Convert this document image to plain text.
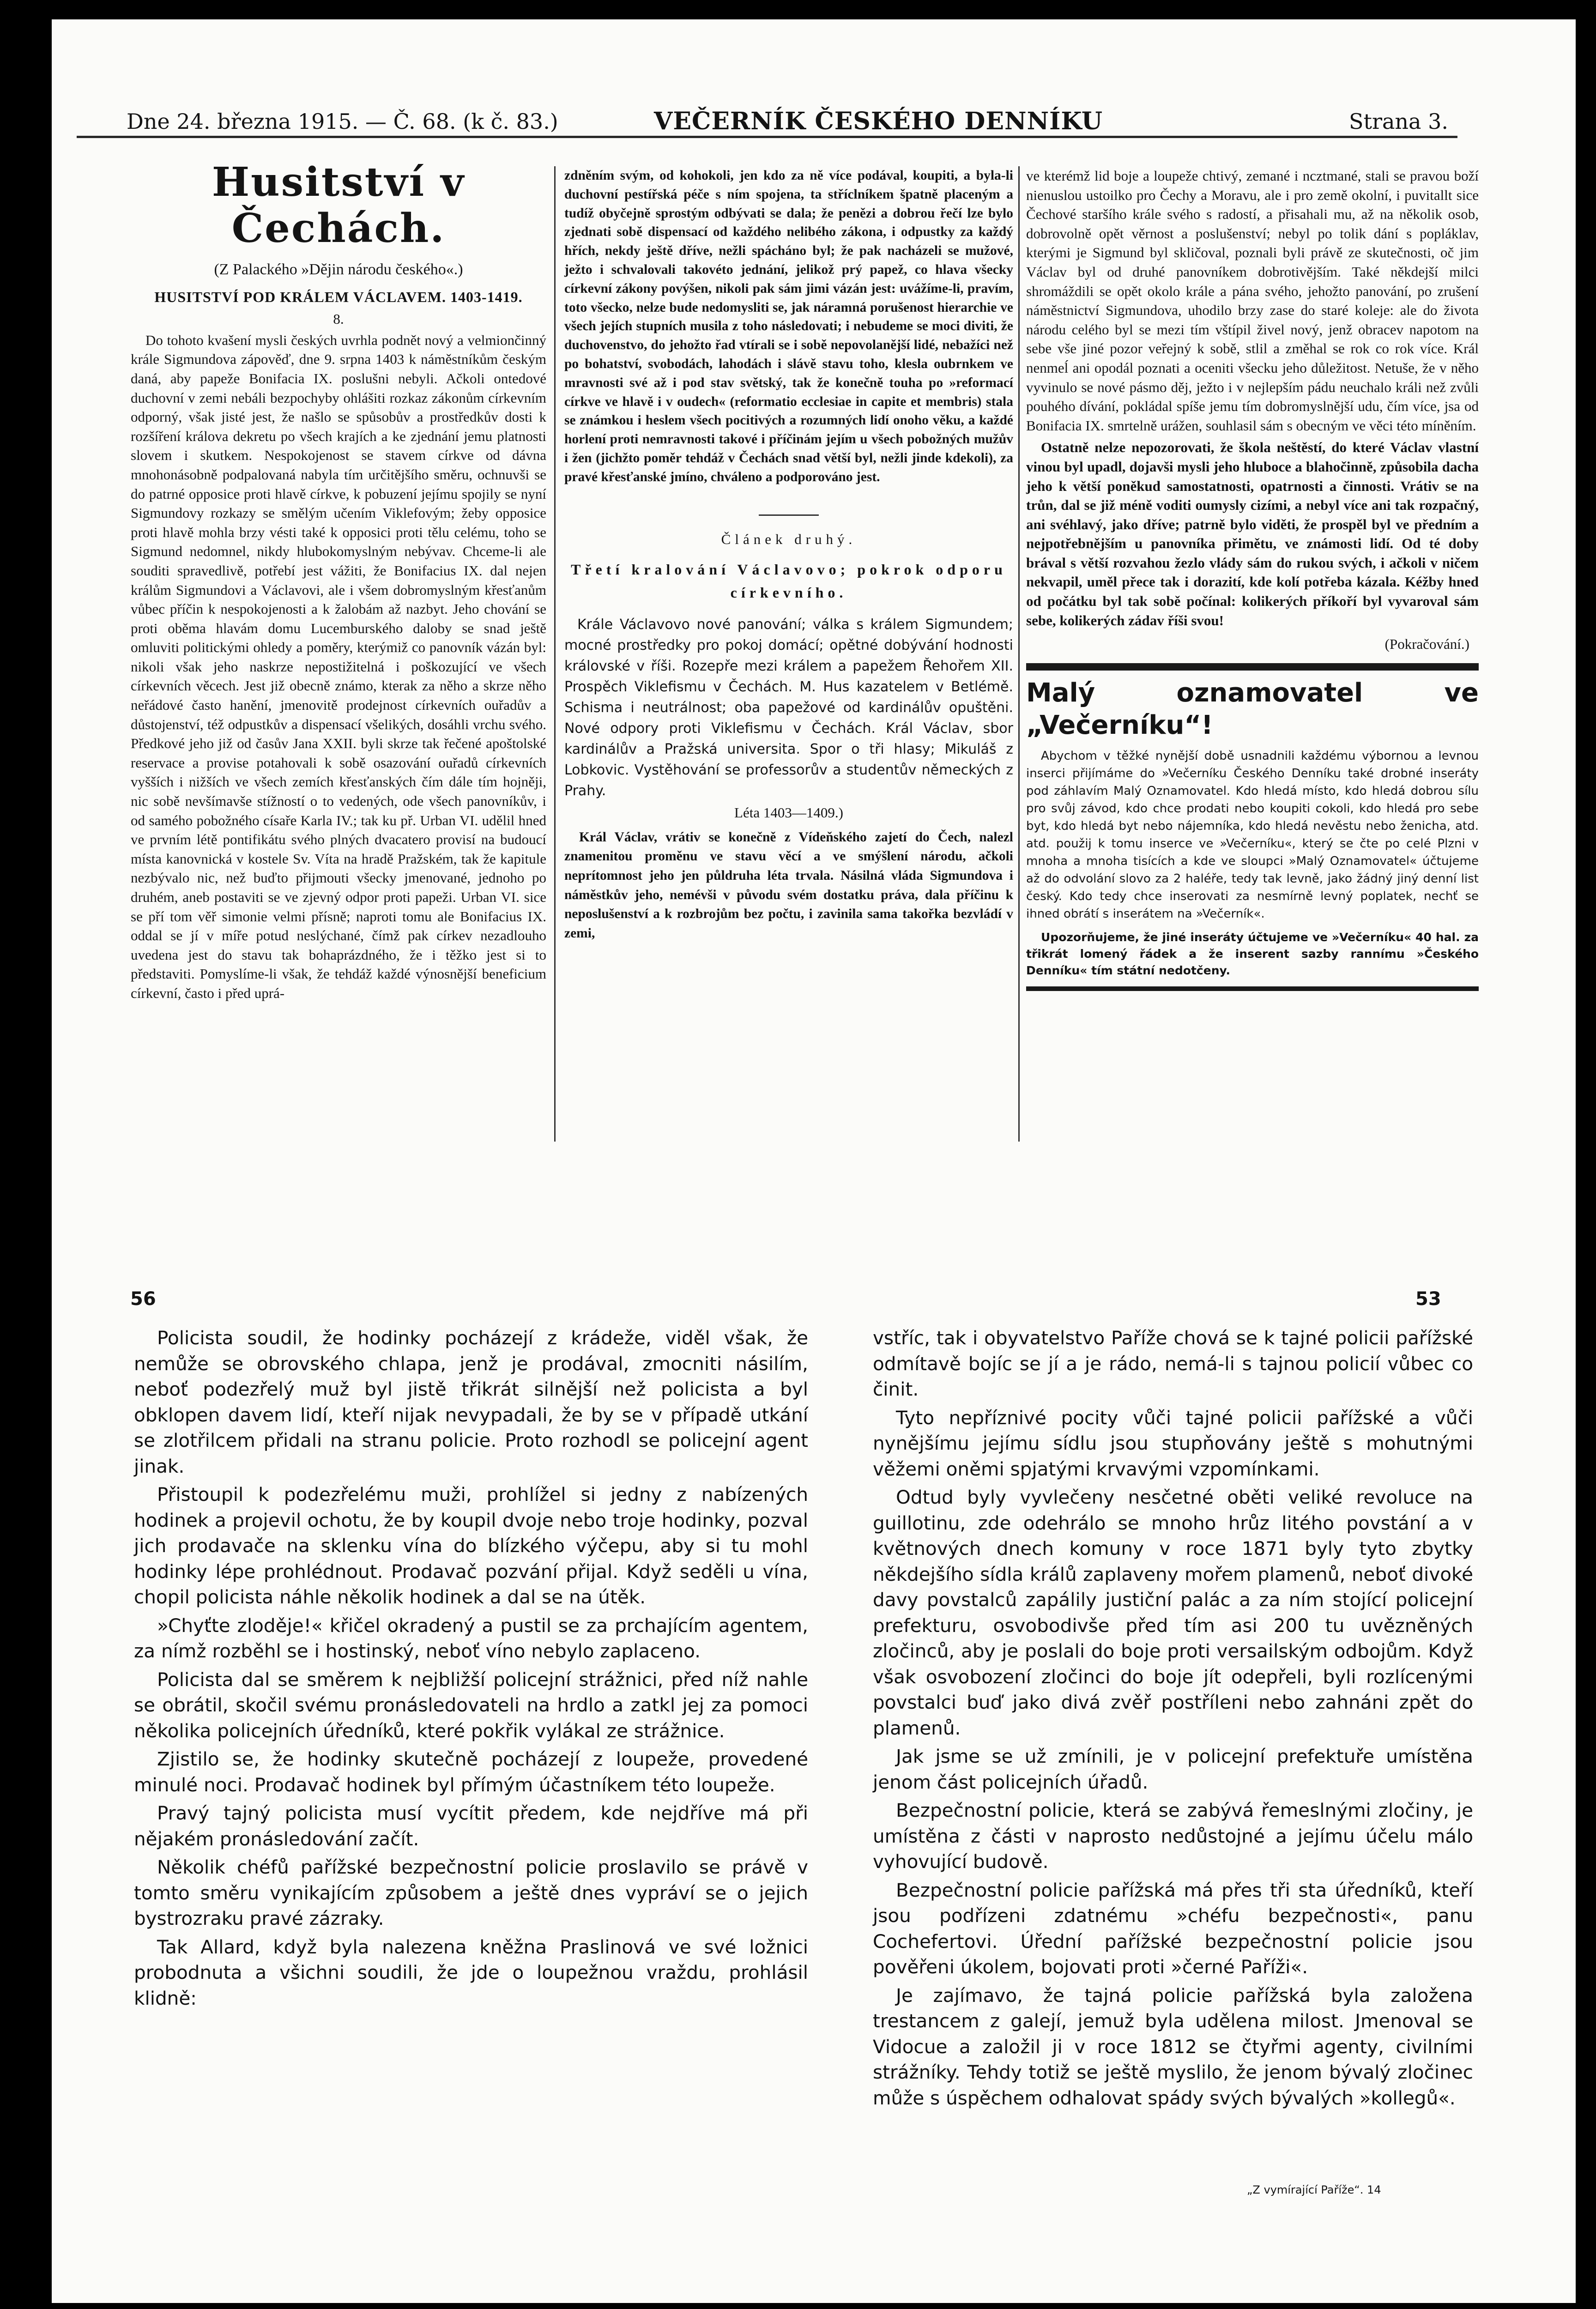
Dne 24. března 1915. — Č. 68. (k č. 83.)	VEČERNÍK ČESKÉHO DENNÍKU	Strana 3.
Husitství v Čechách.
(Z Palackého »Dějin národu českého«.)
HUSITSTVÍ POD KRÁLEM VÁCLAVEM. 1403-1419.
8.

Do tohoto kvašení mysli českých uvrhla podnět nový a velmiončinný krále Sigmundova zápověď, dne 9. srpna 1403 k náměstníkům českým daná, aby papeže Bonifacia IX. poslušni nebyli. Ačkoli ontedové duchovní v zemi nebáli bezpochyby ohlášiti rozkaz zákonům církevním odporný, však jisté jest, že našlo se spůsobův a prostředkův dosti k rozšíření králova dekretu po všech krajích a ke zjednání jemu platnosti slovem i skutkem. Nespokojenost se stavem církve od dávna mnohonásobně podpalovaná nabyla tím určitějšího směru, ochnuvši se do patrné opposice proti hlavě církve, k pobuzení jejímu spojily se nyní Sigmundovy rozkazy se smělým učením Viklefovým; žeby opposice proti hlavě mohla brzy vésti také k opposici proti tělu celému, toho se Sigmund nedomnel, nikdy hlubokomyslným nebývav. Chceme-li ale souditi spravedlivě, potřebí jest vážiti, že Bonifacius IX. dal nejen králům Sigmundovi a Václavovi, ale i všem dobromyslným křesťanům vůbec příčin k nespokojenosti a k žalobám až nazbyt. Jeho chování se proti oběma hlavám domu Lucemburského daloby se snad ještě omluviti politickými ohledy a poměry, kterýmiž co panovník vázán byl: nikoli však jeho naskrze nepostižitelná i poškozující ve všech církevních věcech. Jest již obecně známo, kterak za něho a skrze něho neřádové často hanění, jmenovitě prodejnost církevních ouřadův a důstojenství, též odpustkův a dispensací všelikých, dosáhli vrchu svého. Předkové jeho již od časův Jana XXII. byli skrze tak řečené apoštolské reservace a provise potahovali k sobě osazování ouřadů církevních vyšších i nižších ve všech zemích křesťanských čím dále tím hojněji, nic sobě nevšímavše stížností o to vedených, ode všech panovníkův, i od samého pobožného císaře Karla IV.; tak ku př. Urban VI. udělil hned ve prvním létě pontifikátu svého plných dvacatero provisí na budoucí místa kanovnická v kostele Sv. Víta na hradě Pražském, tak že kapitule nezbývalo nic, než buďto přijmouti všecky jmenované, jednoho po druhém, aneb postaviti se ve zjevný odpor proti papeži. Urban VI. sice se pří tom věř simonie velmi přísně; naproti tomu ale Bonifacius IX. oddal se jí v míře potud neslýchané, čímž pak církev nezadlouho uvedena jest do stavu tak bohaprázdného, že i těžko jest si to představiti. Pomyslíme-li však, že tehdáž každé výnosnější beneficium církevní, často i před uprá-

zdněním svým, od kohokoli, jen kdo za ně více podával, koupiti, a byla-li duchovní pestířská péče s ním spojena, ta stříclníkem špatně placeným a tudíž obyčejně sprostým odbývati se dala; že penězi a dobrou řečí lze bylo zjednati sobě dispensací od každého nelibého zákona, i odpustky za každý hřích, nekdy ještě dříve, nežli spácháno byl; že pak nacházeli se mužové, ježto i schvalovali takovéto jednání, jelikož prý papež, co hlava všecky církevní zákony povýšen, nikoli pak sám jimi vázán jest: uvážíme-li, pravím, toto všecko, nelze bude nedomysliti se, jak náramná porušenost hierarchie ve všech jejích stupních musila z toho následovati; i nebudeme se moci diviti, že duchovenstvo, do jehožto řad vtírali se i sobě nepovolanější lidé, nebažíci než po bohatství, svobodách, lahodách i slávě stavu toho, klesla oubrnkem ve mravnosti své až i pod stav světský, tak že konečně touha po »reformací církve ve hlavě i v oudech« (reformatio ecclesiae in capite et membris) stala se známkou i heslem všech pocitivých a rozumných lidí onoho věku, a každé horlení proti nemravnosti takové i příčinám jejím u všech pobožných mužův i žen (jichžto poměr tehdáž v Čechách snad větší byl, nežli jinde kdekoli), za pravé křesťanské jmíno, chváleno a podporováno jest.

Článek druhý.
Třetí kralování Václavovo; pokrok odporu církevního.

Krále Václavovo nové panování; válka s králem Sigmundem; mocné prostředky pro pokoj domácí; opětné dobývání hodnosti královské v říši. Rozepře mezi králem a papežem Řehořem XII. Prospěch Viklefismu v Čechách. M. Hus kazatelem v Betlémě. Schisma i neutrálnost; oba papežové od kardinálův opuštěni. Nové odpory proti Viklefismu v Čechách. Král Václav, sbor kardinálův a Pražská universita. Spor o tři hlasy; Mikuláš z Lobkovic. Vystěhování se professorův a studentův německých z Prahy.

Léta 1403—1409.)

Král Václav, vrátiv se konečně z Vídeňského zajetí do Čech, nalezl znamenitou proměnu ve stavu věcí a ve smýšlení národu, ačkoli neprítomnost jeho jen půldruha léta trvala. Násilná vláda Sigmundova i náměstkův jeho, nemévši v původu svém dostatku práva, dala příčinu k neposlušenství a k rozbrojům bez počtu, i zavinila sama takořka bezvládí v zemi,

ve kterémž lid boje a loupeže chtivý, zemané i ncztmané, stali se pravou boží nienuslou ustoilko pro Čechy a Moravu, ale i pro země okolní, i puvitallt sice Čechové staršího krále svého s radostí, a přisahali mu, až na několik osob, dobrovolně opět věrnost a poslušenství; nebyl po tolik dání s popláklav, kterými je Sigmund byl skličoval, poznali byli právě ze skutečnosti, oč jim Václav byl od druhé panovníkem dobrotivějším. Také někdejší milci shromáždili se opět okolo krále a pána svého, jehožto panování, po zrušení náměstnictví Sigmundova, uhodilo brzy zase do staré koleje: ale do života národu celého byl se mezi tím vštípil živel nový, jenž obracev napotom na sebe vše jiné pozor veřejný k sobě, stlil a změhal se rok co rok více. Král nenmeĺ ani opodál poznati a oceniti všecku jeho důležitost. Netuše, že v něho vyvinulo se nové pásmo děj, ježto i v nejlepším pádu neuchalo králi než zvůli pouhého dívání, pokládal spíše jemu tím dobromyslnější udu, čím více, jsa od Bonifacia IX. smrtelně urážen, souhlasil sám s obecným ve věci této míněním.

Ostatně nelze nepozorovati, že škola neštěstí, do které Václav vlastní vinou byl upadl, dojavši mysli jeho hluboce a blahočinně, způsobila dacha jeho k větší poněkud samostatnosti, opatrnosti a činnosti. Vrátiv se na trůn, dal se již méně voditi oumysly cizími, a nebyl více ani tak rozpačný, ani svéhlavý, jako dříve; patrně bylo viděti, že prospěl byl ve předním a nejpotřebnějším u panovníka přimětu, ve známosti lidí. Od té doby brával s větší rozvahou žezlo vlády sám do rukou svých, i ačkoli v ničem nekvapil, uměl přece tak i dorazití, kde kolí potřeba kázala. Kéžby hned od počátku byl tak sobě počínal: kolikerých příkoří byl vyvaroval sám sebe, kolikerých zádav říši svou!

(Pokračování.)
Malý oznamovatel ve „Večerníku“!

Abychom v těžké nynější době usnadnili každému výbornou a levnou inserci přijímáme do »Večerníku Českého Denníku také drobné inseráty pod záhlavím Malý Oznamovatel. Kdo hledá místo, kdo hledá dobrou sílu pro svůj závod, kdo chce prodati nebo koupiti cokoli, kdo hledá pro sebe byt, kdo hledá byt nebo nájemníka, kdo hledá nevěstu nebo ženicha, atd. atd. použij k tomu inserce ve »Večerníku«, který se čte po celé Plzni v mnoha a mnoha tisících a kde ve sloupci »Malý Oznamovatel« účtujeme až do odvolání slovo za 2 haléře, tedy tak levně, jako žádný jiný denní list český. Kdo tedy chce inserovati za nesmírně levný poplatek, nechť se ihned obrátí s inserátem na »Večerník«.

Upozorňujeme, že jiné inseráty účtujeme ve »Večerníku« 40 hal. za třikrát lomený řádek a že inserent sazby rannímu »Českého Denníku« tím státní nedotčeny.

56	53

Policista soudil, že hodinky pocházejí z krádeže, viděl však, že nemůže se obrovského chlapa, jenž je prodával, zmocniti násilím, neboť podezřelý muž byl jistě třikrát silnější než policista a byl obklopen davem lidí, kteří nijak nevypadali, že by se v případě utkání se zlotřilcem přidali na stranu policie. Proto rozhodl se policejní agent jinak.

Přistoupil k podezřelému muži, prohlížel si jedny z nabízených hodinek a projevil ochotu, že by koupil dvoje nebo troje hodinky, pozval jich prodavače na sklenku vína do blízkého výčepu, aby si tu mohl hodinky lépe prohlédnout. Prodavač pozvání přijal. Když seděli u vína, chopil policista náhle několik hodinek a dal se na útěk.

»Chyťte zloděje!« křičel okradený a pustil se za prchajícím agentem, za nímž rozběhl se i hostinský, neboť víno nebylo zaplaceno.

Policista dal se směrem k nejbližší policejní strážnici, před níž nahle se obrátil, skočil svému pronásledovateli na hrdlo a zatkl jej za pomoci několika policejních úředníků, které pokřik vylákal ze strážnice.

Zjistilo se, že hodinky skutečně pocházejí z loupeže, provedené minulé noci. Prodavač hodinek byl přímým účastníkem této loupeže.

Pravý tajný policista musí vycítit předem, kde nejdříve má při nějakém pronásledování začít.

Několik chéfů pařížské bezpečnostní policie proslavilo se právě v tomto směru vynikajícím způsobem a ještě dnes vypráví se o jejich bystrozraku pravé zázraky.

Tak Allard, když byla nalezena kněžna Praslinová ve své ložnici probodnuta a všichni soudili, že jde o loupežnou vraždu, prohlásil klidně:

vstříc, tak i obyvatelstvo Paříže chová se k tajné policii pařížské odmítavě bojíc se jí a je rádo, nemá-li s tajnou policií vůbec co činit.

Tyto nepříznivé pocity vůči tajné policii pařížské a vůči nynějšímu jejímu sídlu jsou stupňovány ještě s mohutnými věžemi oněmi spjatými krvavými vzpomínkami.

Odtud byly vyvlečeny nesčetné oběti veliké revoluce na guillotinu, zde odehrálo se mnoho hrůz litého povstání a v květnových dnech komuny v roce 1871 byly tyto zbytky někdejšího sídla králů zaplaveny mořem plamenů, neboť divoké davy povstalců zapálily justiční palác a za ním stojící policejní prefekturu, osvobodivše před tím asi 200 tu uvězněných zločinců, aby je poslali do boje proti versailským odbojům. Když však osvobození zločinci do boje jít odepřeli, byli rozlícenými povstalci buď jako divá zvěř postříleni nebo zahnáni zpět do plamenů.

Jak jsme se už zmínili, je v policejní prefektuře umístěna jenom část policejních úřadů.

Bezpečnostní policie, která se zabývá řemeslnými zločiny, je umístěna z části v naprosto nedůstojné a jejímu účelu málo vyhovující budově.

Bezpečnostní policie pařížská má přes tři sta úředníků, kteří jsou podřízeni zdatnému »chéfu bezpečnosti«, panu Cochefertovi. Úřední pařížské bezpečnostní policie jsou pověřeni úkolem, bojovati proti »černé Paříži«.

Je zajímavo, že tajná policie pařížská byla založena trestancem z galejí, jemuž byla udělena milost. Jmenoval se Vidocue a založil ji v roce 1812 se čtyřmi agenty, civilními strážníky. Tehdy totiž se ještě myslilo, že jenom bývalý zločinec může s úspěchem odhalovat spády svých bývalých »kollegů«.

„Z vymírající Paříže“. 14
